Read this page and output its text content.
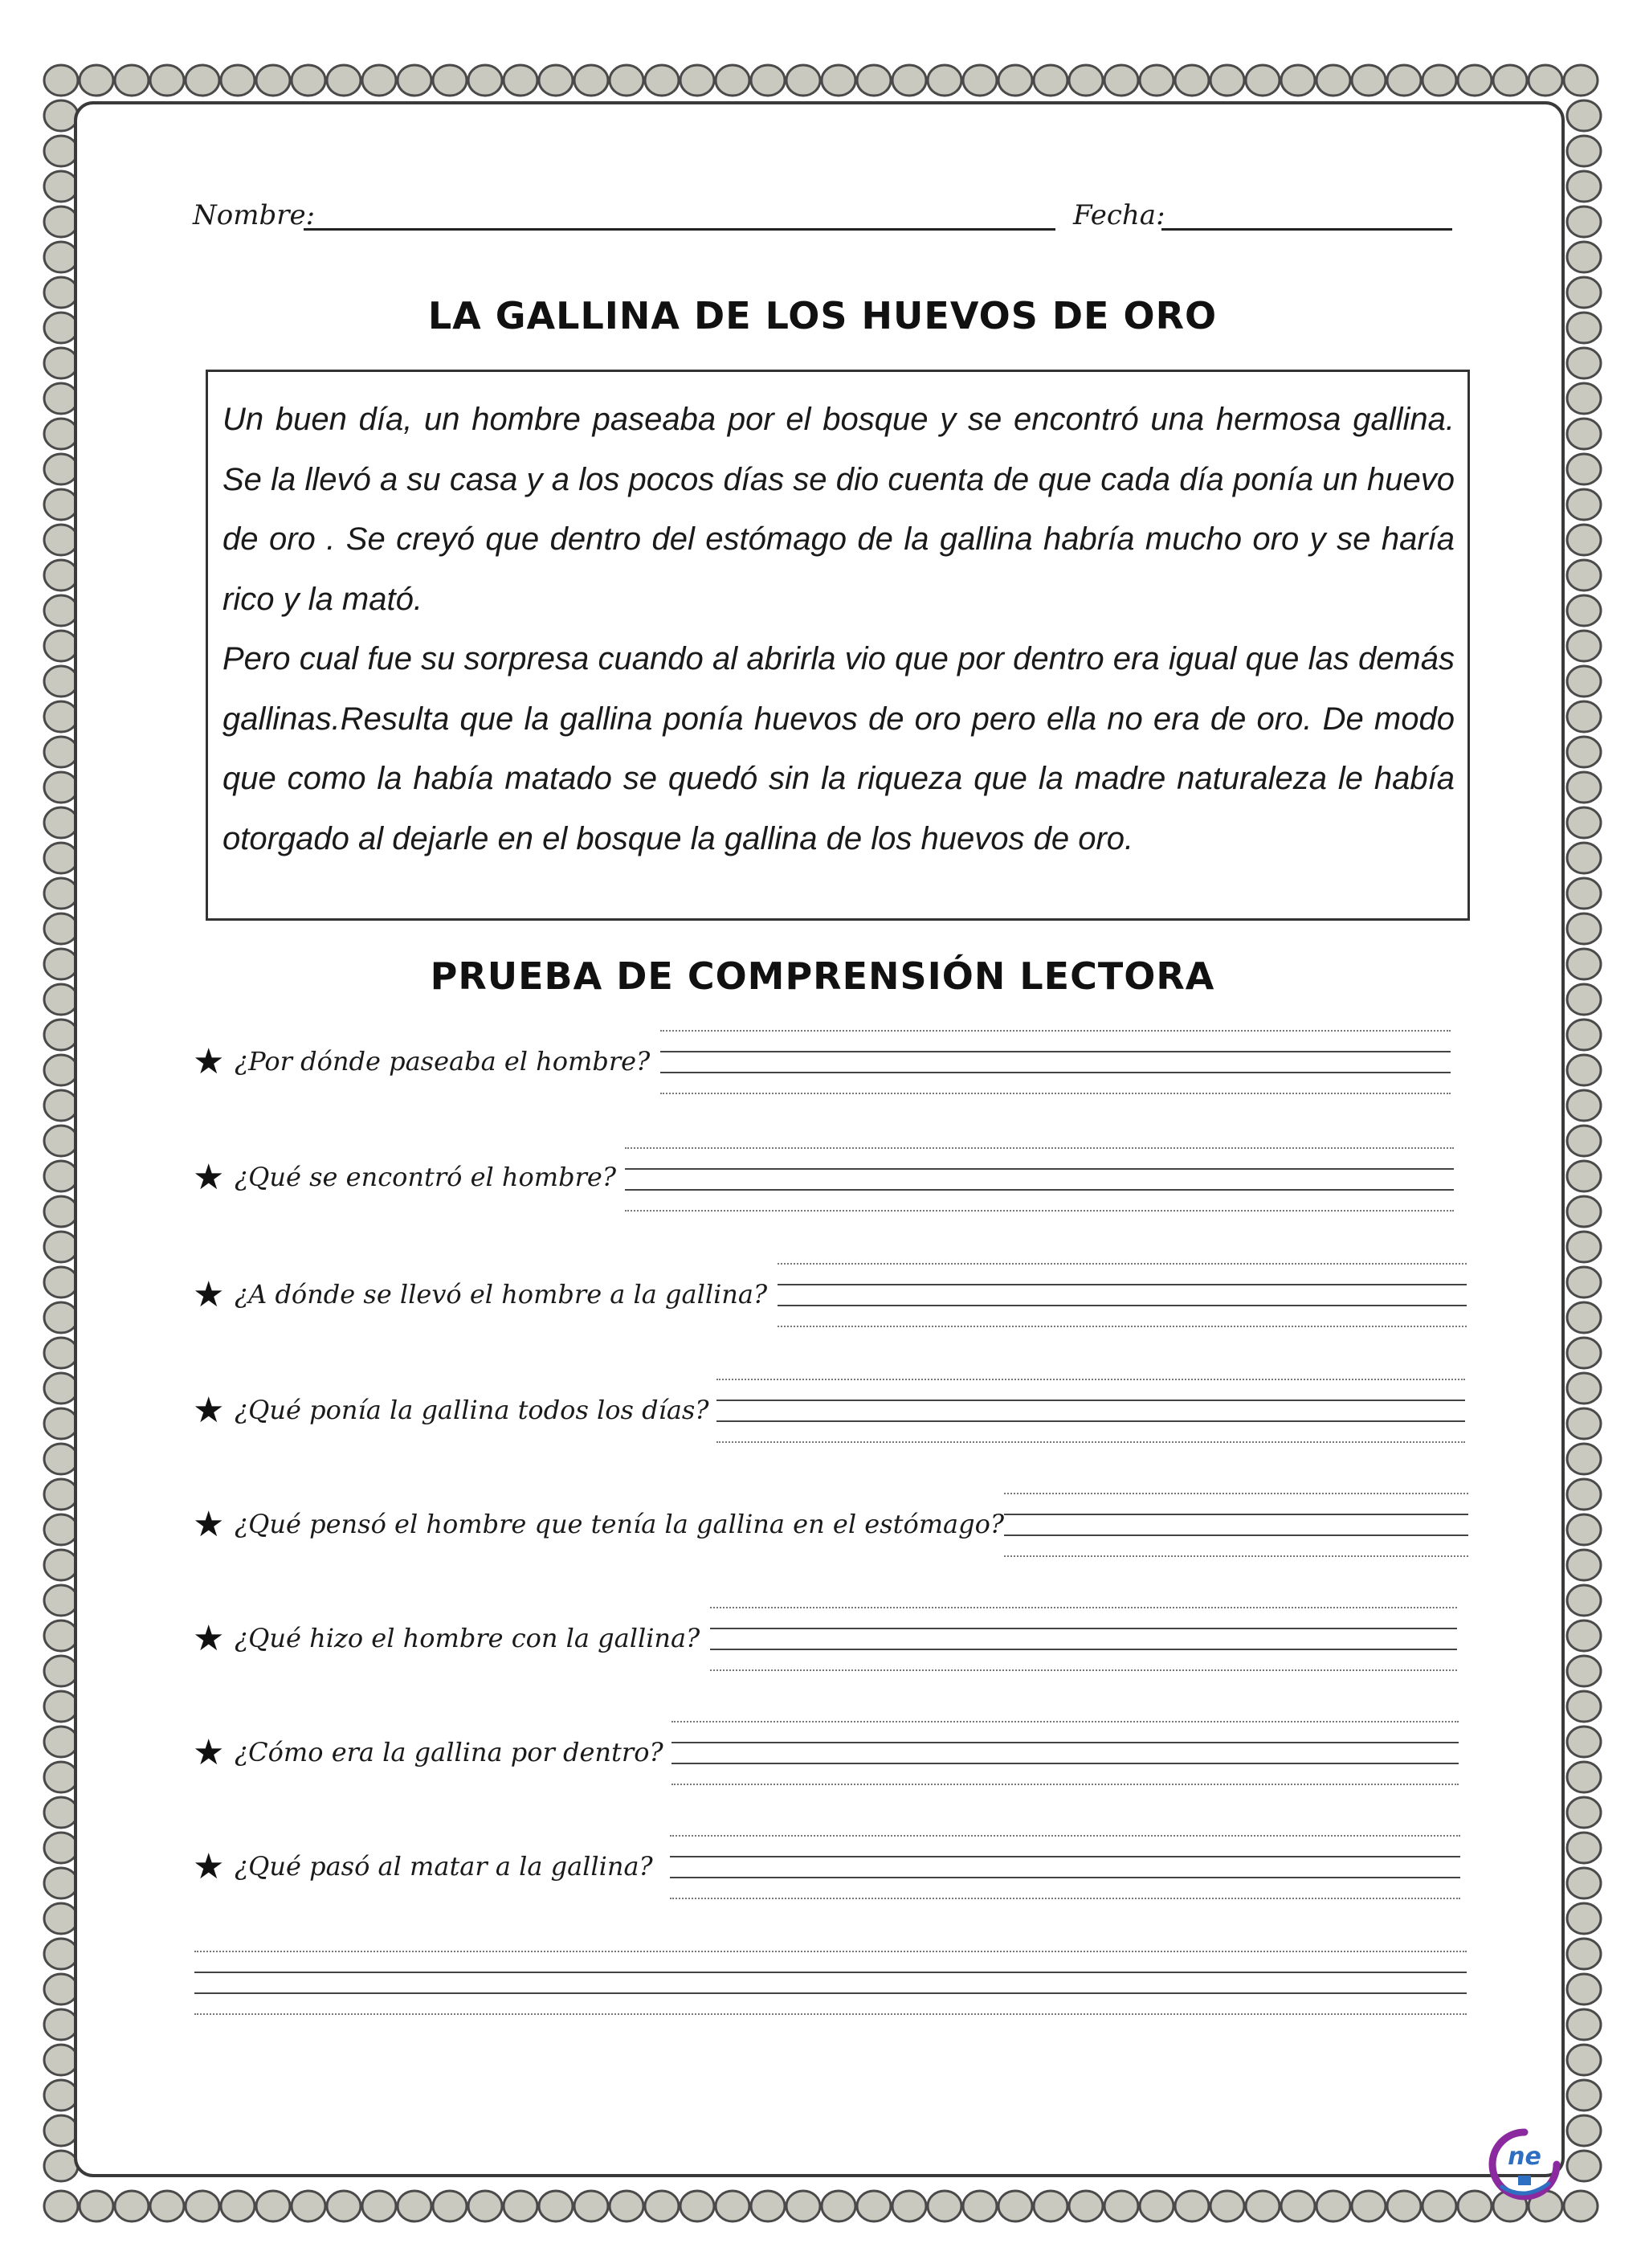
Nombre:	Fecha:
LA GALLINA DE LOS HUEVOS DE ORO

Un buen día, un hombre paseaba por el bosque y se encontró una hermosa gallina. Se la llevó a su casa y a los pocos días se dio cuenta de que cada día ponía un huevo de oro . Se creyó que dentro del estómago de la gallina habría mucho oro y se haría rico y la mató.

Pero cual fue su sorpresa cuando al abrirla vio que por dentro era igual que las demás gallinas.Resulta que la gallina ponía huevos de oro pero ella no era de oro. De modo que como la había matado se quedó sin la riqueza que la madre naturaleza le había otorgado al dejarle en el bosque la gallina de los huevos de oro.

PRUEBA DE COMPRENSIÓN LECTORA
★ ¿Por dónde paseaba el hombre?
★ ¿Qué se encontró el hombre?
★ ¿A dónde se llevó el hombre a la gallina?
★ ¿Qué ponía la gallina todos los días?
★ ¿Qué pensó el hombre que tenía la gallina en el estómago?
★ ¿Qué hizo el hombre con la gallina?
★ ¿Cómo era la gallina por dentro?
★ ¿Qué pasó al matar a la gallina?
ne
